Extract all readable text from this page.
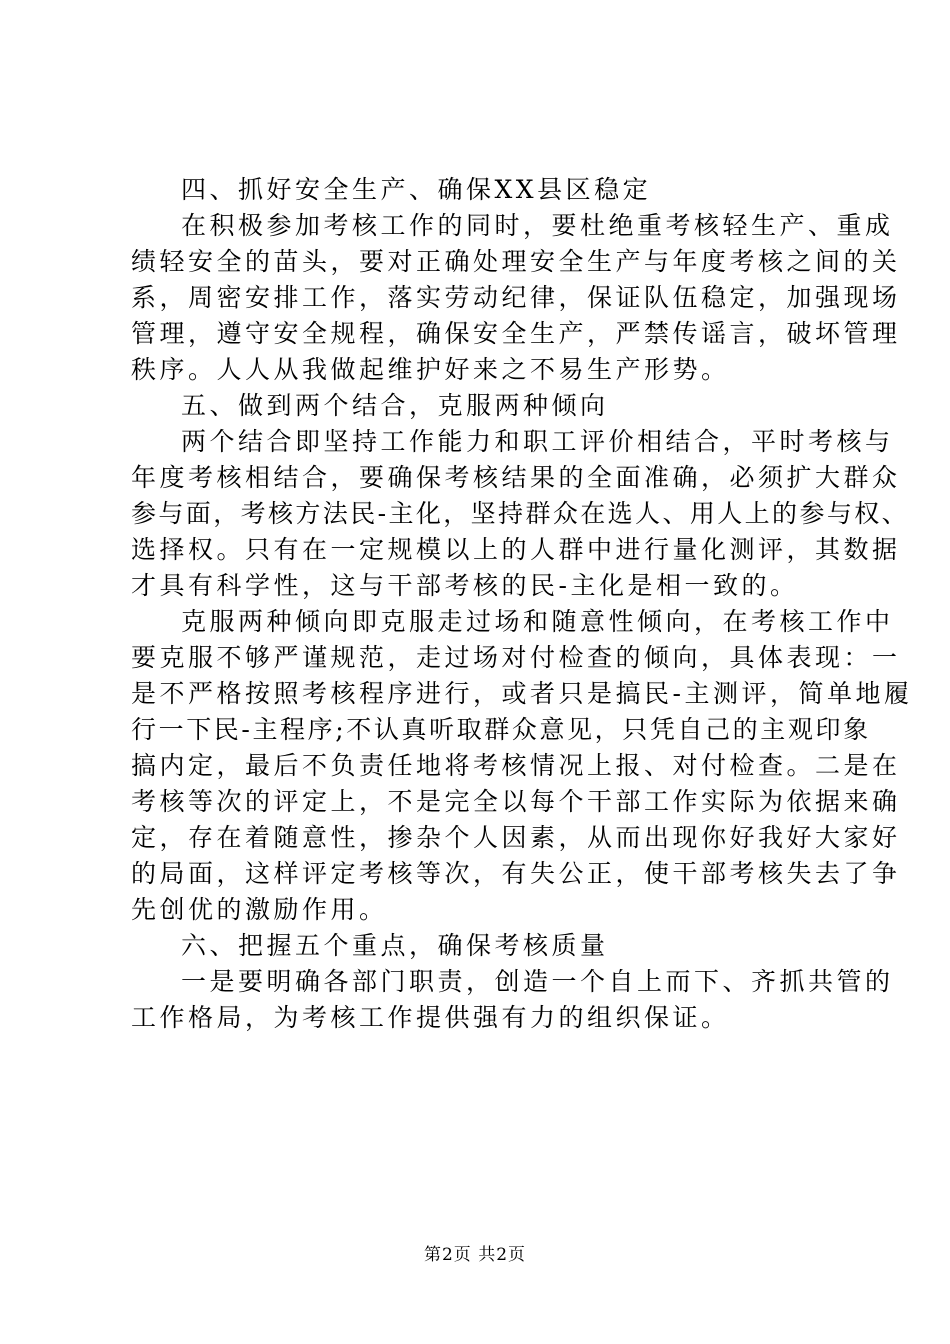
四、抓好安全生产、确保XX县区稳定
在积极参加考核工作的同时，要杜绝重考核轻生产、重成
绩轻安全的苗头，要对正确处理安全生产与年度考核之间的关
系，周密安排工作，落实劳动纪律，保证队伍稳定，加强现场
管理，遵守安全规程，确保安全生产，严禁传谣言，破坏管理
秩序。人人从我做起维护好来之不易生产形势。
五、做到两个结合，克服两种倾向
两个结合即坚持工作能力和职工评价相结合，平时考核与
年度考核相结合，要确保考核结果的全面准确，必须扩大群众
参与面，考核方法民-主化，坚持群众在选人、用人上的参与权、
选择权。只有在一定规模以上的人群中进行量化测评，其数据
才具有科学性，这与干部考核的民-主化是相一致的。
克服两种倾向即克服走过场和随意性倾向，在考核工作中
要克服不够严谨规范，走过场对付检查的倾向，具体表现：一
是不严格按照考核程序进行，或者只是搞民-主测评，简单地履
行一下民-主程序;不认真听取群众意见，只凭自己的主观印象
搞内定，最后不负责任地将考核情况上报、对付检查。二是在
考核等次的评定上，不是完全以每个干部工作实际为依据来确
定，存在着随意性，掺杂个人因素，从而出现你好我好大家好
的局面，这样评定考核等次，有失公正，使干部考核失去了争
先创优的激励作用。
六、把握五个重点，确保考核质量
一是要明确各部门职责，创造一个自上而下、齐抓共管的
工作格局，为考核工作提供强有力的组织保证。
第2页 共2页
